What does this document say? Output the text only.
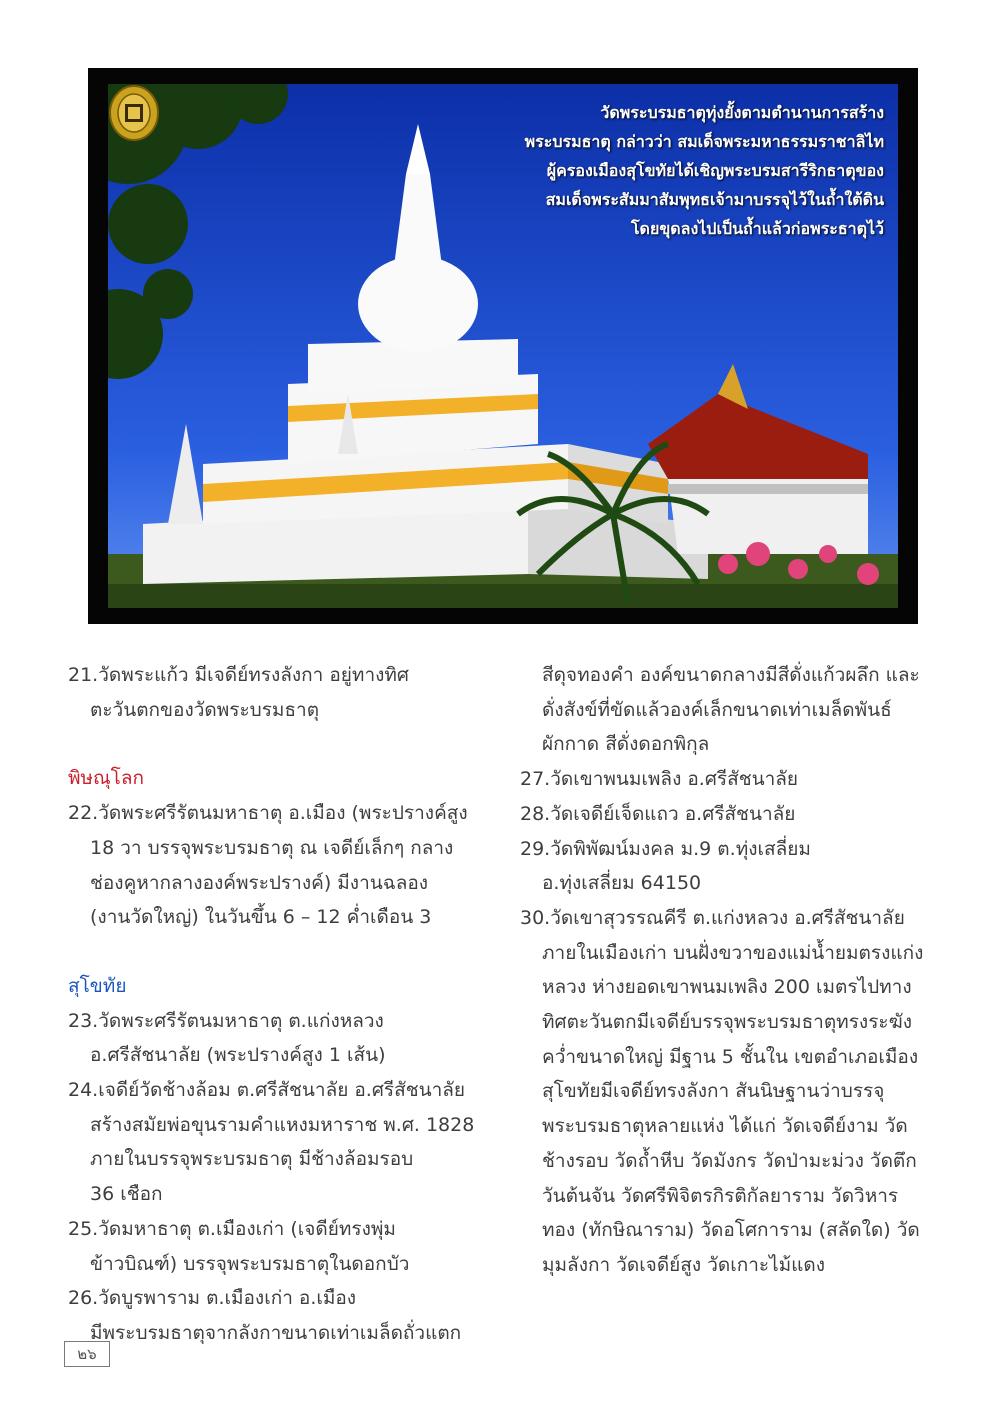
วัดพระบรมธาตุทุ่งยั้งตามตำนานการสร้าง
พระบรมธาตุ กล่าวว่า สมเด็จพระมหาธรรมราชาลิไท
ผู้ครองเมืองสุโขทัยได้เชิญพระบรมสารีริกธาตุของ
สมเด็จพระสัมมาสัมพุทธเจ้ามาบรรจุไว้ในถ้ำใต้ดิน
โดยขุดลงไปเป็นถ้ำแล้วก่อพระธาตุไว้
21.วัดพระแก้ว มีเจดีย์ทรงลังกา อยู่ทางทิศ
ตะวันตกของวัดพระบรมธาตุ
พิษณุโลก
22.วัดพระศรีรัตนมหาธาตุ อ.เมือง (พระปรางค์สูง
18 วา บรรจุพระบรมธาตุ ณ เจดีย์เล็กๆ กลาง
ช่องคูหากลางองค์พระปรางค์) มีงานฉลอง
(งานวัดใหญ่) ในวันขึ้น 6 – 12 ค่ำเดือน 3
สุโขทัย
23.วัดพระศรีรัตนมหาธาตุ ต.แก่งหลวง
อ.ศรีสัชนาลัย (พระปรางค์สูง 1 เส้น)
24.เจดีย์วัดช้างล้อม ต.ศรีสัชนาลัย อ.ศรีสัชนาลัย
สร้างสมัยพ่อขุนรามคำแหงมหาราช พ.ศ. 1828
ภายในบรรจุพระบรมธาตุ มีช้างล้อมรอบ
36 เชือก
25.วัดมหาธาตุ ต.เมืองเก่า (เจดีย์ทรงพุ่ม
ข้าวบิณฑ์) บรรจุพระบรมธาตุในดอกบัว
26.วัดบูรพาราม ต.เมืองเก่า อ.เมือง
มีพระบรมธาตุจากลังกาขนาดเท่าเมล็ดถั่วแตก
สีดุจทองคำ องค์ขนาดกลางมีสีดั่งแก้วผลึก และ
ดั่งสังข์ที่ขัดแล้วองค์เล็กขนาดเท่าเมล็ดพันธ์
ผักกาด สีดั่งดอกพิกุล
27.วัดเขาพนมเพลิง อ.ศรีสัชนาลัย
28.วัดเจดีย์เจ็ดแถว อ.ศรีสัชนาลัย
29.วัดพิพัฒน์มงคล ม.9 ต.ทุ่งเสลี่ยม
อ.ทุ่งเสลี่ยม 64150
30.วัดเขาสุวรรณคีรี ต.แก่งหลวง อ.ศรีสัชนาลัย
ภายในเมืองเก่า บนฝั่งขวาของแม่น้ำยมตรงแก่ง
หลวง ห่างยอดเขาพนมเพลิง 200 เมตรไปทาง
ทิศตะวันตกมีเจดีย์บรรจุพระบรมธาตุทรงระฆัง
คว่ำขนาดใหญ่ มีฐาน 5 ชั้นใน เขตอำเภอเมือง
สุโขทัยมีเจดีย์ทรงลังกา สันนิษฐานว่าบรรจุ
พระบรมธาตุหลายแห่ง ได้แก่ วัดเจดีย์งาม วัด
ช้างรอบ วัดถ้ำหีบ วัดมังกร วัดป่ามะม่วง วัดตึก
วันต้นจัน วัดศรีพิจิตรกิรติกัลยาราม วัดวิหาร
ทอง (ทักษิณาราม) วัดอโศการาม (สลัดใด) วัด
มุมลังกา วัดเจดีย์สูง วัดเกาะไม้แดง
๒๖
